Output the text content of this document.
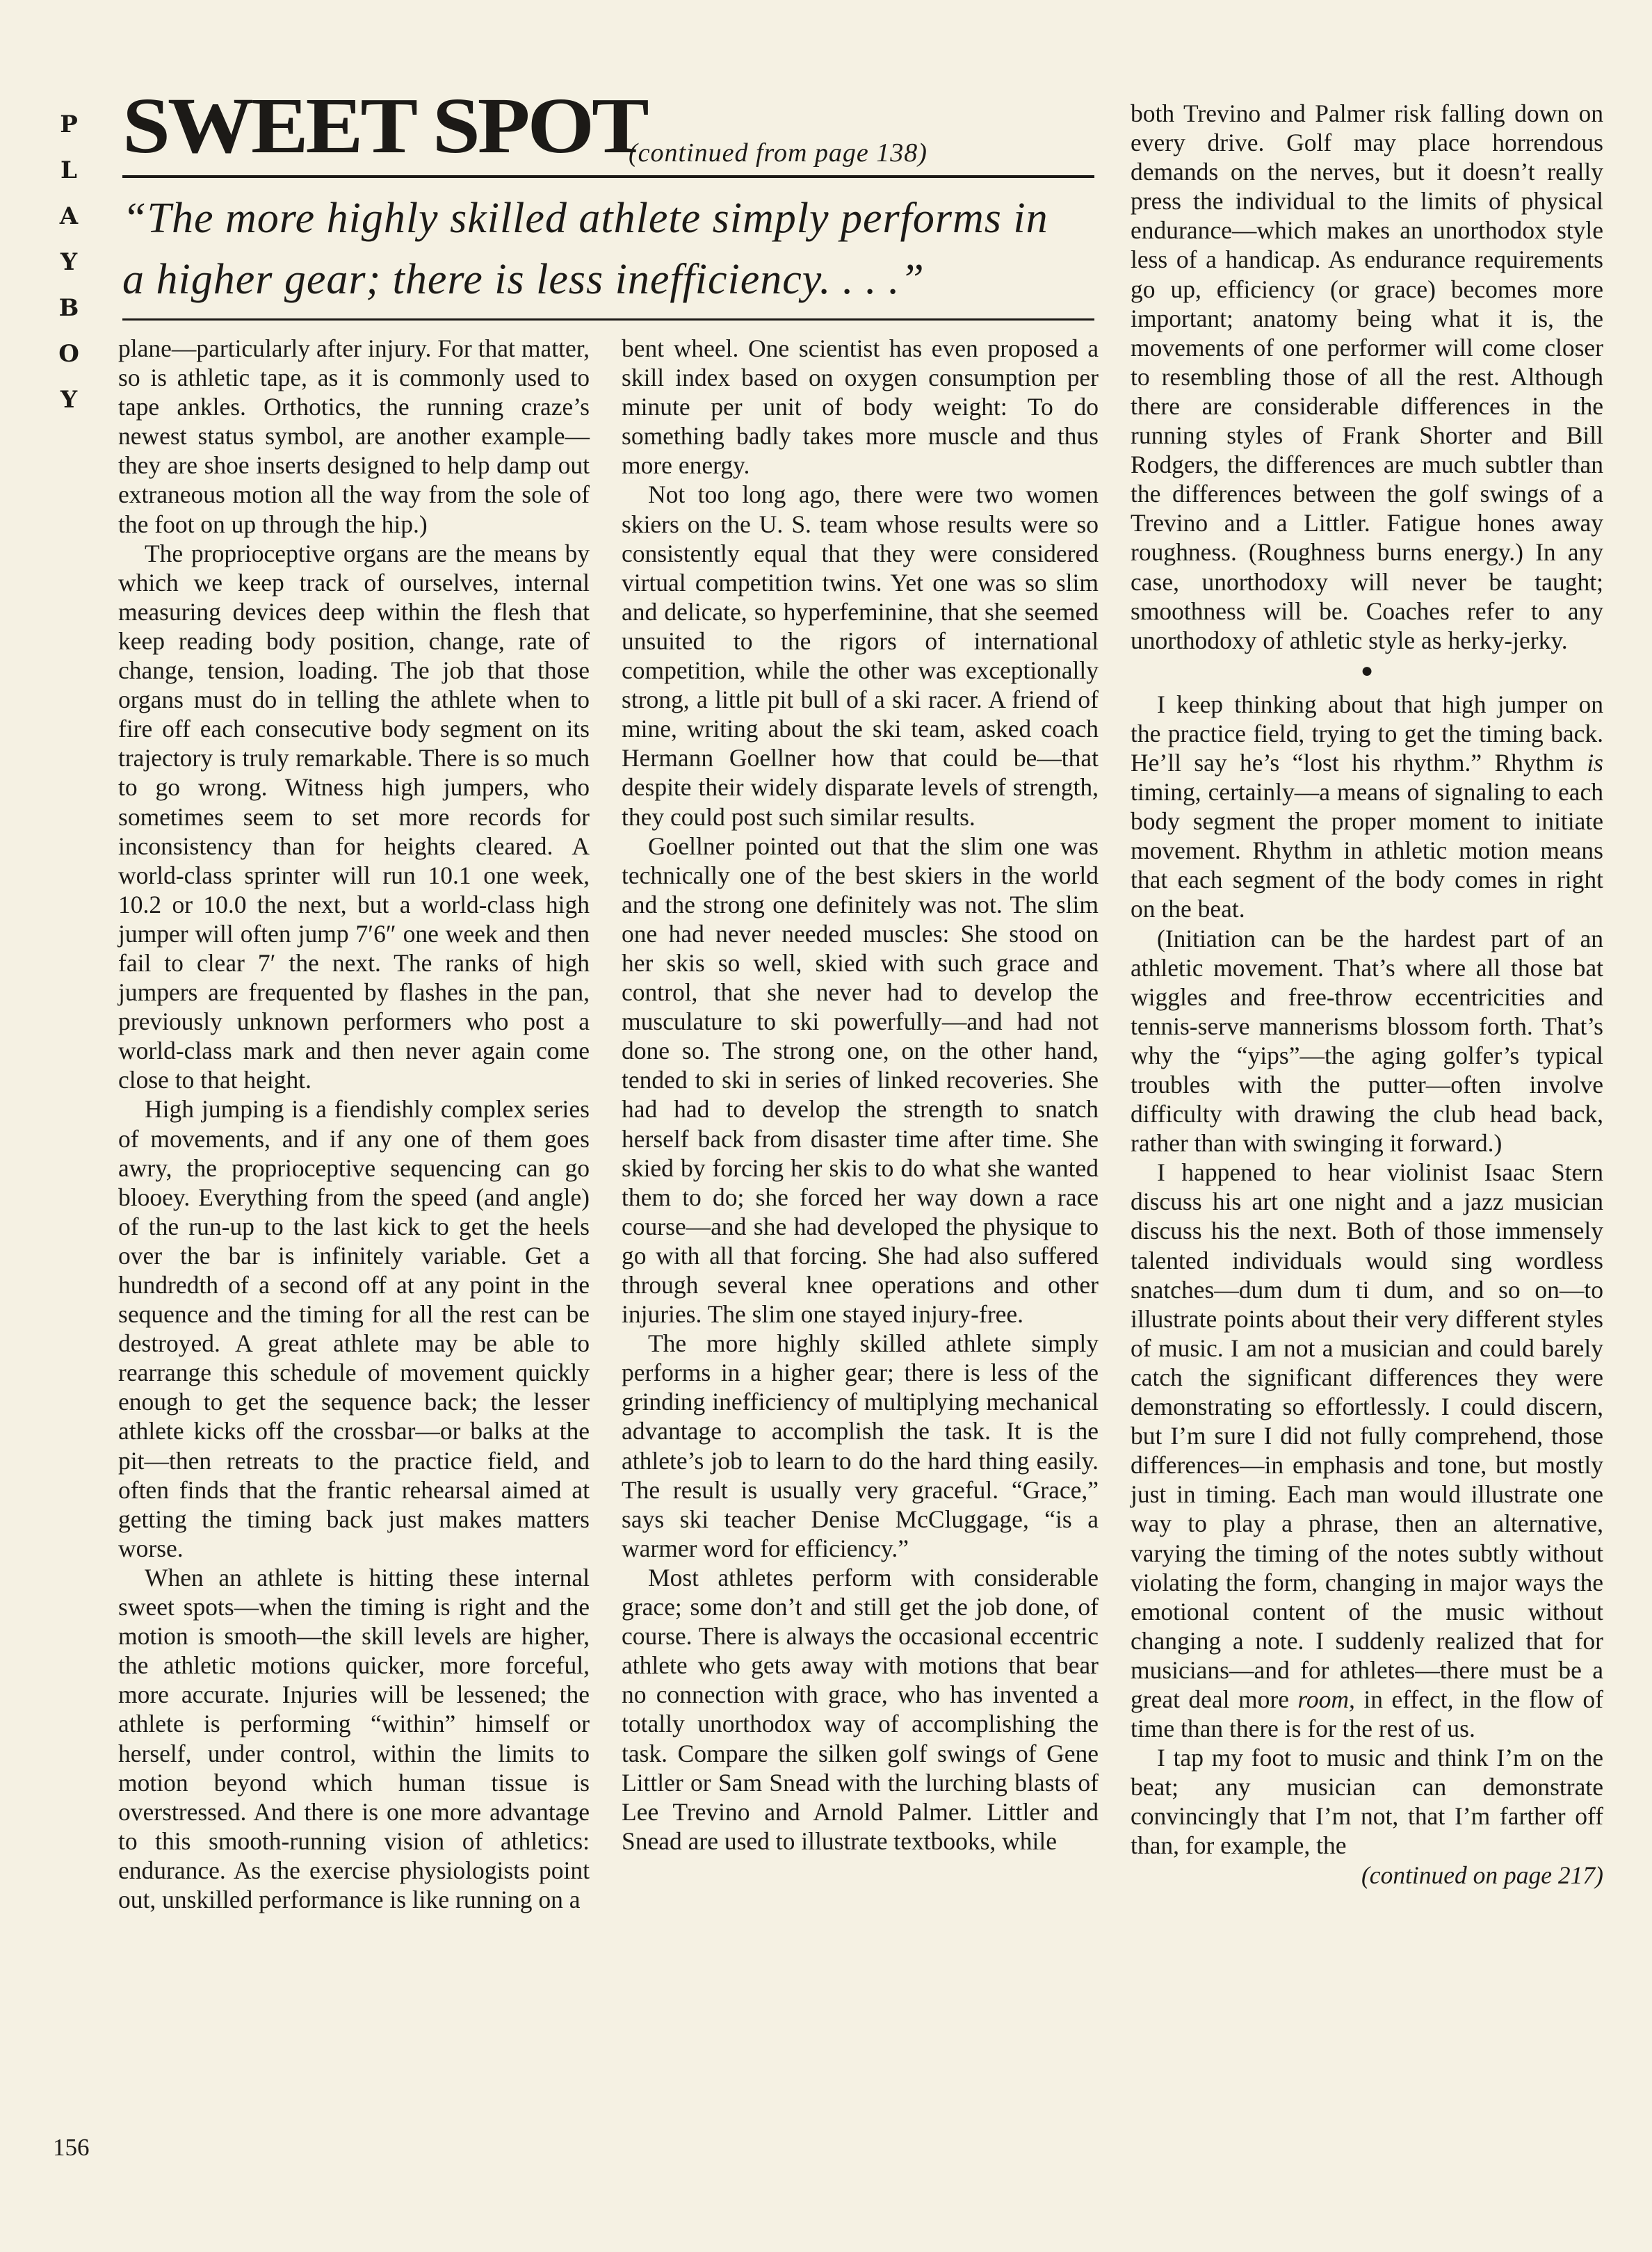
P
L
A
Y
B
O
Y
SWEET SPOT
(continued from page 138)
“The more highly skilled athlete simply performs in
a higher gear; there is less inefficiency. . . .”

plane—particularly after injury. For that matter, so is athletic tape, as it is commonly used to tape ankles. Orthotics, the running craze’s newest status symbol, are another example—they are shoe inserts designed to help damp out extraneous motion all the way from the sole of the foot on up through the hip.)

The proprioceptive organs are the means by which we keep track of ourselves, internal measuring devices deep within the flesh that keep reading body position, change, rate of change, tension, loading. The job that those organs must do in telling the athlete when to fire off each consecutive body segment on its trajectory is truly remarkable. There is so much to go wrong. Witness high jumpers, who sometimes seem to set more records for inconsistency than for heights cleared. A world-class sprinter will run 10.1 one week, 10.2 or 10.0 the next, but a world-class high jumper will often jump 7′6″ one week and then fail to clear 7′ the next. The ranks of high jumpers are frequented by flashes in the pan, previously unknown performers who post a world-class mark and then never again come close to that height.

High jumping is a fiendishly complex series of movements, and if any one of them goes awry, the proprioceptive sequencing can go blooey. Everything from the speed (and angle) of the run-up to the last kick to get the heels over the bar is infinitely variable. Get a hundredth of a second off at any point in the sequence and the timing for all the rest can be destroyed. A great athlete may be able to rearrange this schedule of movement quickly enough to get the sequence back; the lesser athlete kicks off the crossbar—or balks at the pit—then retreats to the practice field, and often finds that the frantic rehearsal aimed at getting the timing back just makes matters worse.

When an athlete is hitting these internal sweet spots—when the timing is right and the motion is smooth—the skill levels are higher, the athletic motions quicker, more forceful, more accurate. Injuries will be lessened; the athlete is performing “within” himself or herself, under control, within the limits to motion beyond which human tissue is overstressed. And there is one more advantage to this smooth-running vision of athletics: endurance. As the exercise physiologists point out, unskilled performance is like running on a

bent wheel. One scientist has even proposed a skill index based on oxygen consumption per minute per unit of body weight: To do something badly takes more muscle and thus more energy.

Not too long ago, there were two women skiers on the U. S. team whose results were so consistently equal that they were considered virtual competition twins. Yet one was so slim and delicate, so hyperfeminine, that she seemed unsuited to the rigors of international competition, while the other was exceptionally strong, a little pit bull of a ski racer. A friend of mine, writing about the ski team, asked coach Hermann Goellner how that could be—that despite their widely disparate levels of strength, they could post such similar results.

Goellner pointed out that the slim one was technically one of the best skiers in the world and the strong one definitely was not. The slim one had never needed muscles: She stood on her skis so well, skied with such grace and control, that she never had to develop the musculature to ski powerfully—and had not done so. The strong one, on the other hand, tended to ski in series of linked recoveries. She had had to develop the strength to snatch herself back from disaster time after time. She skied by forcing her skis to do what she wanted them to do; she forced her way down a race course—and she had developed the physique to go with all that forcing. She had also suffered through several knee operations and other injuries. The slim one stayed injury-free.

The more highly skilled athlete simply performs in a higher gear; there is less of the grinding inefficiency of multiplying mechanical advantage to accomplish the task. It is the athlete’s job to learn to do the hard thing easily. The result is usually very graceful. “Grace,” says ski teacher Denise McCluggage, “is a warmer word for efficiency.”

Most athletes perform with considerable grace; some don’t and still get the job done, of course. There is always the occasional eccentric athlete who gets away with motions that bear no connection with grace, who has invented a totally unorthodox way of accomplishing the task. Compare the silken golf swings of Gene Littler or Sam Snead with the lurching blasts of Lee Trevino and Arnold Palmer. Littler and Snead are used to illustrate textbooks, while

both Trevino and Palmer risk falling down on every drive. Golf may place horrendous demands on the nerves, but it doesn’t really press the individual to the limits of physical endurance—which makes an unorthodox style less of a handicap. As endurance requirements go up, efficiency (or grace) becomes more important; anatomy being what it is, the movements of one performer will come closer to resembling those of all the rest. Although there are considerable differences in the running styles of Frank Shorter and Bill Rodgers, the differences are much subtler than the differences between the golf swings of a Trevino and a Littler. Fatigue hones away roughness. (Roughness burns energy.) In any case, unorthodoxy will never be taught; smoothness will be. Coaches refer to any unorthodoxy of athletic style as herky-jerky.

●

I keep thinking about that high jumper on the practice field, trying to get the timing back. He’ll say he’s “lost his rhythm.” Rhythm is timing, certainly—a means of signaling to each body segment the proper moment to initiate movement. Rhythm in athletic motion means that each segment of the body comes in right on the beat.

(Initiation can be the hardest part of an athletic movement. That’s where all those bat wiggles and free-throw eccentricities and tennis-serve mannerisms blossom forth. That’s why the “yips”—the aging golfer’s typical troubles with the putter—often involve difficulty with drawing the club head back, rather than with swinging it forward.)

I happened to hear violinist Isaac Stern discuss his art one night and a jazz musician discuss his the next. Both of those immensely talented individuals would sing wordless snatches—dum dum ti dum, and so on—to illustrate points about their very different styles of music. I am not a musician and could barely catch the significant differences they were demonstrating so effortlessly. I could discern, but I’m sure I did not fully comprehend, those differences—in emphasis and tone, but mostly just in timing. Each man would illustrate one way to play a phrase, then an alternative, varying the timing of the notes subtly without violating the form, changing in major ways the emotional content of the music without changing a note. I suddenly realized that for musicians—and for athletes—there must be a great deal more room, in effect, in the flow of time than there is for the rest of us.

I tap my foot to music and think I’m on the beat; any musician can demonstrate convincingly that I’m not, that I’m farther off than, for example, the

(continued on page 217)

156
